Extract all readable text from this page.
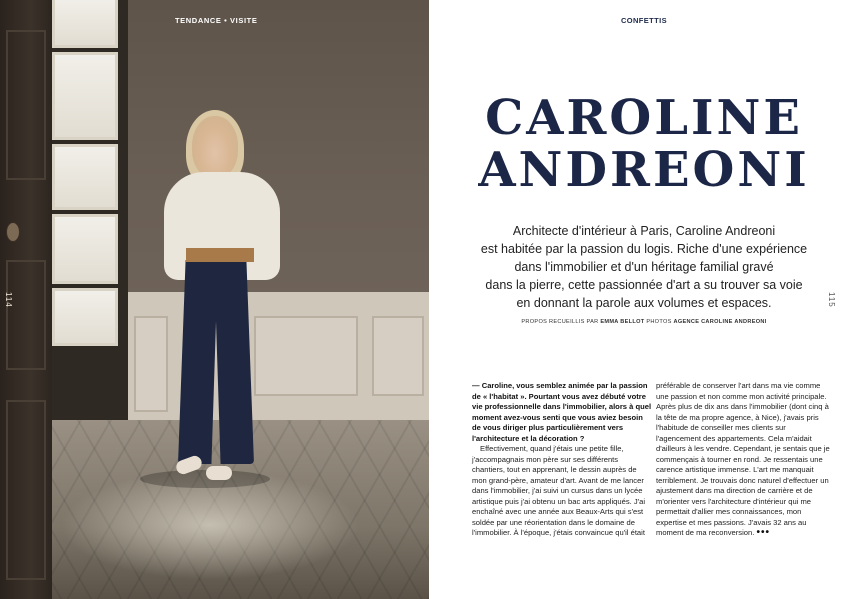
TENDANCE • VISITE
114
CONFETTIS
CAROLINE
ANDREONI
Architecte d'intérieur à Paris, Caroline Andreoni
est habitée par la passion du logis. Riche d'une expérience
dans l'immobilier et d'un héritage familial gravé
dans la pierre, cette passionnée d'art a su trouver sa voie
en donnant la parole aux volumes et espaces.
PROPOS RECUEILLIS PAR EMMA BELLOT PHOTOS AGENCE CAROLINE ANDREONI
115
— Caroline, vous semblez animée par la passion de « l'habitat ». Pourtant vous avez débuté votre vie professionnelle dans l'immobilier, alors à quel moment avez-vous senti que vous aviez besoin de vous diriger plus particulièrement vers l'architecture et la décoration ?
Effectivement, quand j'étais une petite fille, j'accompagnais mon père sur ses différents chantiers, tout en apprenant, le dessin auprès de mon grand-père, amateur d'art. Avant de me lancer dans l'immobilier, j'ai suivi un cursus dans un lycée artistique puis j'ai obtenu un bac arts appliqués. J'ai enchaîné avec une année aux Beaux-Arts qui s'est soldée par une réorientation dans le domaine de l'immobilier. À l'époque, j'étais convaincue qu'il était
préférable de conserver l'art dans ma vie comme une passion et non comme mon activité principale. Après plus de dix ans dans l'immobilier (dont cinq à la tête de ma propre agence, à Nice), j'avais pris l'habitude de conseiller mes clients sur l'agencement des appartements. Cela m'aidait d'ailleurs à les vendre. Cependant, je sentais que je commençais à tourner en rond. Je ressentais une carence artistique immense. L'art me manquait terriblement. Je trouvais donc naturel d'effectuer un ajustement dans ma direction de carrière et de m'orienter vers l'architecture d'intérieur qui me permettait d'allier mes connaissances, mon expertise et mes passions. J'avais 32 ans au moment de ma reconversion. •••
